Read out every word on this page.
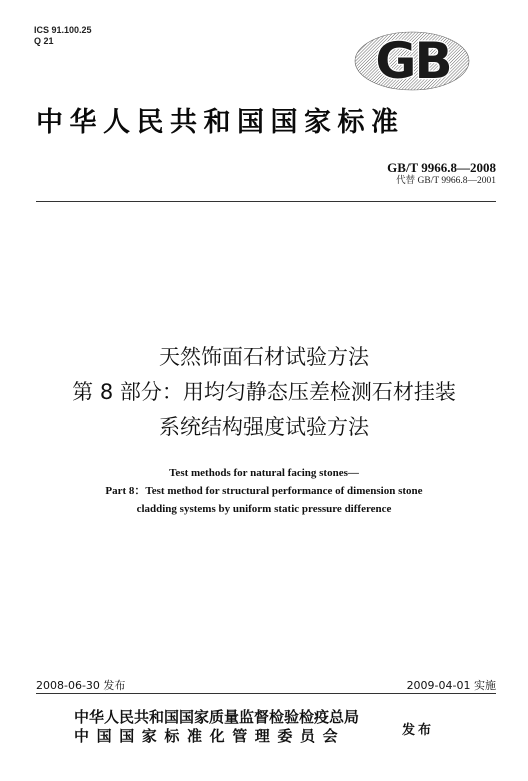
ICS 91.100.25
Q 21	GB
中华人民共和国国家标准
GB/T 9966.8—2008
代替 GB/T 9966.8—2001
天然饰面石材试验方法
第 8 部分：用均匀静态压差检测石材挂装
系统结构强度试验方法
Test methods for natural facing stones—
Part 8：Test method for structural performance of dimension stone
cladding systems by uniform static pressure difference
2008-06-30 发布	2009-04-01 实施
中华人民共和国国家质量监督检验检疫总局
中国国家标准化管理委员会	发布
